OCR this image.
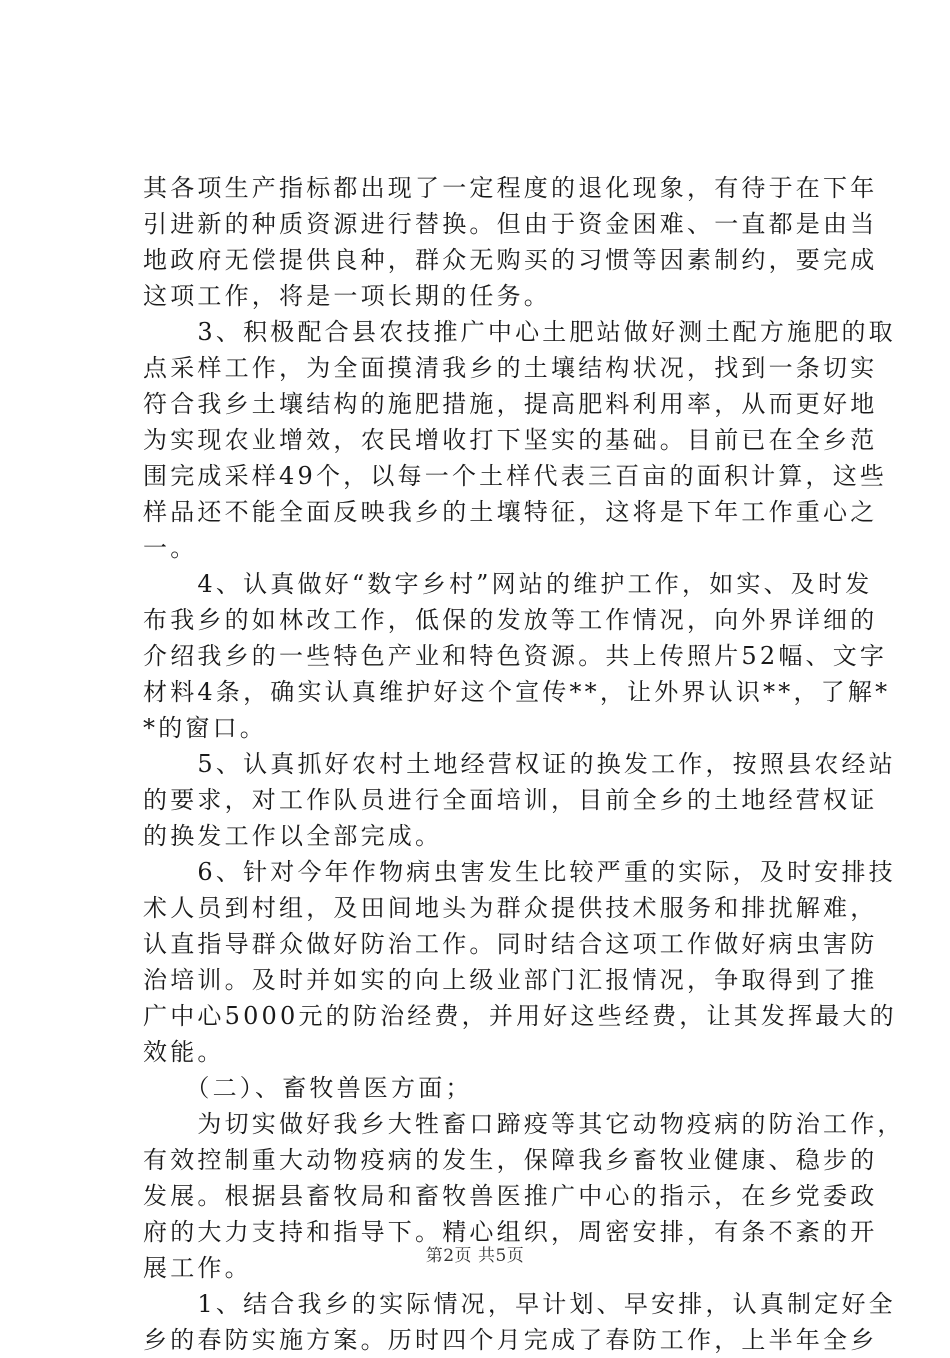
其各项生产指标都出现了一定程度的退化现象，有待于在下年
引进新的种质资源进行替换。但由于资金困难、一直都是由当
地政府无偿提供良种，群众无购买的习惯等因素制约，要完成
这项工作，将是一项长期的任务。
　　3、积极配合县农技推广中心土肥站做好测土配方施肥的取
点采样工作，为全面摸清我乡的土壤结构状况，找到一条切实
符合我乡土壤结构的施肥措施，提高肥料利用率，从而更好地
为实现农业增效，农民增收打下坚实的基础。目前已在全乡范
围完成采样49个，以每一个土样代表三百亩的面积计算，这些
样品还不能全面反映我乡的土壤特征，这将是下年工作重心之
一。
　　4、认真做好“数字乡村”网站的维护工作，如实、及时发
布我乡的如林改工作，低保的发放等工作情况，向外界详细的
介绍我乡的一些特色产业和特色资源。共上传照片52幅、文字
材料4条，确实认真维护好这个宣传**，让外界认识**，了解*
*的窗口。
　　5、认真抓好农村土地经营权证的换发工作，按照县农经站
的要求，对工作队员进行全面培训，目前全乡的土地经营权证
的换发工作以全部完成。
　　6、针对今年作物病虫害发生比较严重的实际，及时安排技
术人员到村组，及田间地头为群众提供技术服务和排扰解难，
认直指导群众做好防治工作。同时结合这项工作做好病虫害防
治培训。及时并如实的向上级业部门汇报情况，争取得到了推
广中心5000元的防治经费，并用好这些经费，让其发挥最大的
效能。
　　（二）、畜牧兽医方面；
　　为切实做好我乡大牲畜口蹄疫等其它动物疫病的防治工作，
有效控制重大动物疫病的发生，保障我乡畜牧业健康、稳步的
发展。根据县畜牧局和畜牧兽医推广中心的指示，在乡党委政
府的大力支持和指导下。精心组织，周密安排，有条不紊的开
展工作。
　　1、结合我乡的实际情况，早计划、早安排，认真制定好全
乡的春防实施方案。历时四个月完成了春防工作，上半年全乡
第2页 共5页
